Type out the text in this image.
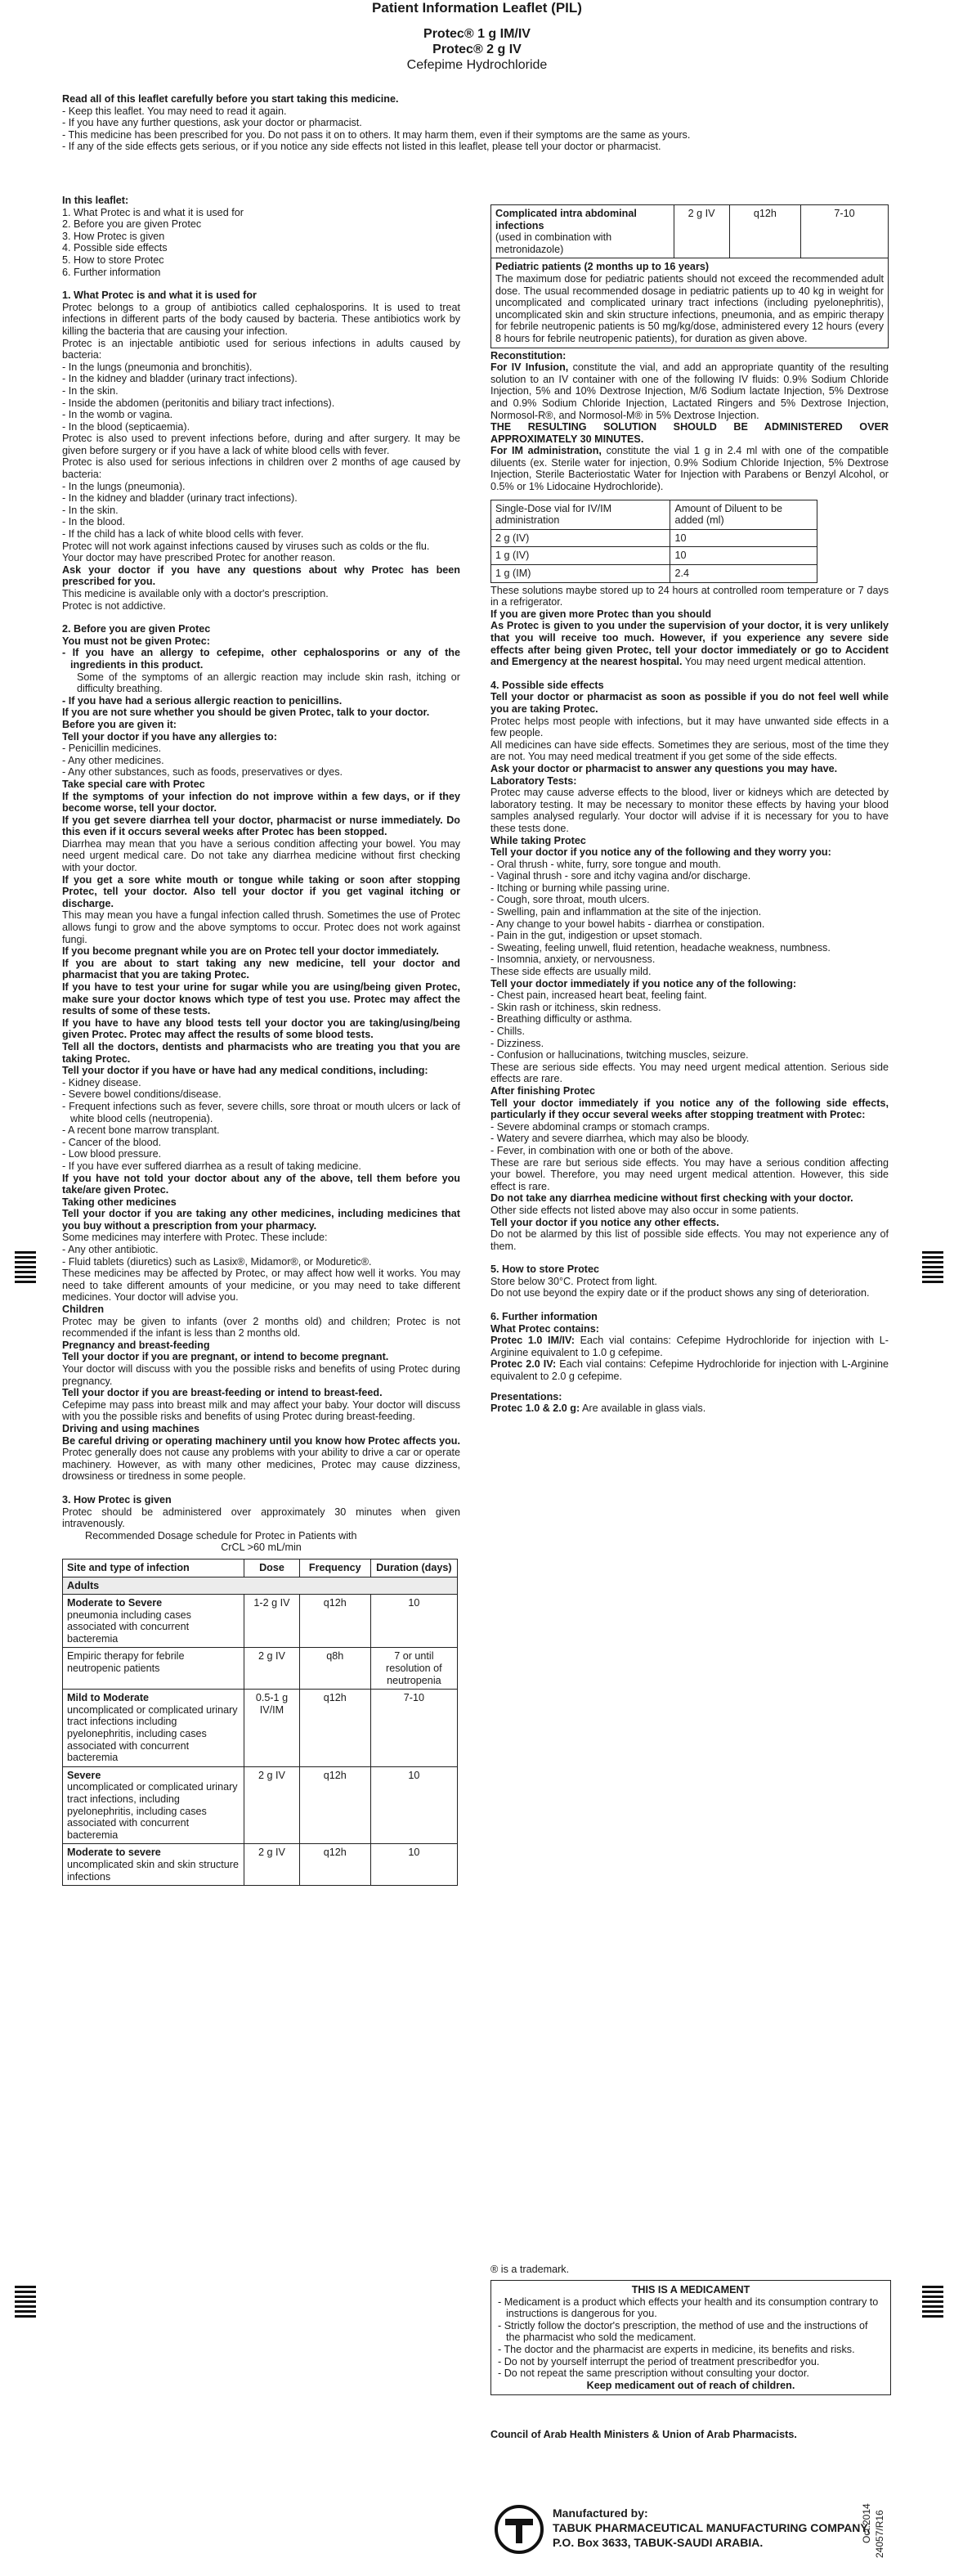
Patient Information Leaflet (PIL)
Protec® 1 g IM/IV
Protec® 2 g IV
Cefepime Hydrochloride

Read all of this leaflet carefully before you start taking this medicine.

- Keep this leaflet. You may need to read it again.

- If you have any further questions, ask your doctor or pharmacist.

- This medicine has been prescribed for you. Do not pass it on to others. It may harm them, even if their symptoms are the same as yours.

- If any of the side effects gets serious, or if you notice any side effects not listed in this leaflet, please tell your doctor or pharmacist.

In this leaflet:

1. What Protec is and what it is used for

2. Before you are given Protec

3. How Protec is given

4. Possible side effects

5. How to store Protec

6. Further information

1. What Protec is and what it is used for

Protec belongs to a group of antibiotics called cephalosporins. It is used to treat infections in different parts of the body caused by bacteria. These antibiotics work by killing the bacteria that are causing your infection.

Protec is an injectable antibiotic used for serious infections in adults caused by bacteria:

- In the lungs (pneumonia and bronchitis).

- In the kidney and bladder (urinary tract infections).

- In the skin.

- Inside the abdomen (peritonitis and biliary tract infections).

- In the womb or vagina.

- In the blood (septicaemia).

Protec is also used to prevent infections before, during and after surgery. It may be given before surgery or if you have a lack of white blood cells with fever.

Protec is also used for serious infections in children over 2 months of age caused by bacteria:

- In the lungs (pneumonia).

- In the kidney and bladder (urinary tract infections).

- In the skin.

- In the blood.

- If the child has a lack of white blood cells with fever.

Protec will not work against infections caused by viruses such as colds or the flu.

Your doctor may have prescribed Protec for another reason.

Ask your doctor if you have any questions about why Protec has been prescribed for you.

This medicine is available only with a doctor's prescription.

Protec is not addictive.

2. Before you are given Protec

You must not be given Protec:

- If you have an allergy to cefepime, other cephalosporins or any of the ingredients in this product.

Some of the symptoms of an allergic reaction may include skin rash, itching or difficulty breathing.

- If you have had a serious allergic reaction to penicillins.

If you are not sure whether you should be given Protec, talk to your doctor.

Before you are given it:

Tell your doctor if you have any allergies to:

- Penicillin medicines.

- Any other medicines.

- Any other substances, such as foods, preservatives or dyes.

Take special care with Protec

If the symptoms of your infection do not improve within a few days, or if they become worse, tell your doctor.

If you get severe diarrhea tell your doctor, pharmacist or nurse immediately. Do this even if it occurs several weeks after Protec has been stopped.

Diarrhea may mean that you have a serious condition affecting your bowel. You may need urgent medical care. Do not take any diarrhea medicine without first checking with your doctor.

If you get a sore white mouth or tongue while taking or soon after stopping Protec, tell your doctor. Also tell your doctor if you get vaginal itching or discharge.

This may mean you have a fungal infection called thrush. Sometimes the use of Protec allows fungi to grow and the above symptoms to occur. Protec does not work against fungi.

If you become pregnant while you are on Protec tell your doctor immediately.

If you are about to start taking any new medicine, tell your doctor and pharmacist that you are taking Protec.

If you have to test your urine for sugar while you are using/being given Protec, make sure your doctor knows which type of test you use. Protec may affect the results of some of these tests.

If you have to have any blood tests tell your doctor you are taking/using/being given Protec. Protec may affect the results of some blood tests.

Tell all the doctors, dentists and pharmacists who are treating you that you are taking Protec.

Tell your doctor if you have or have had any medical conditions, including:

- Kidney disease.

- Severe bowel conditions/disease.

- Frequent infections such as fever, severe chills, sore throat or mouth ulcers or lack of white blood cells (neutropenia).

- A recent bone marrow transplant.

- Cancer of the blood.

- Low blood pressure.

- If you have ever suffered diarrhea as a result of taking medicine.

If you have not told your doctor about any of the above, tell them before you take/are given Protec.

Taking other medicines

Tell your doctor if you are taking any other medicines, including medicines that you buy without a prescription from your pharmacy.

Some medicines may interfere with Protec. These include:

- Any other antibiotic.

- Fluid tablets (diuretics) such as Lasix®, Midamor®, or Moduretic®.

These medicines may be affected by Protec, or may affect how well it works. You may need to take different amounts of your medicine, or you may need to take different medicines. Your doctor will advise you.

Children

Protec may be given to infants (over 2 months old) and children; Protec is not recommended if the infant is less than 2 months old.

Pregnancy and breast-feeding

Tell your doctor if you are pregnant, or intend to become pregnant.

Your doctor will discuss with you the possible risks and benefits of using Protec during pregnancy.

Tell your doctor if you are breast-feeding or intend to breast-feed.

Cefepime may pass into breast milk and may affect your baby. Your doctor will discuss with you the possible risks and benefits of using Protec during breast-feeding.

Driving and using machines

Be careful driving or operating machinery until you know how Protec affects you. Protec generally does not cause any problems with your ability to drive a car or operate machinery. However, as with many other medicines, Protec may cause dizziness, drowsiness or tiredness in some people.

3. How Protec is given

Protec should be administered over approximately 30 minutes when given intravenously.

Recommended Dosage schedule for Protec in Patients with

CrCL >60 mL/min

Site and type of infection	Dose	Frequency	Duration (days)
Adults			
Moderate to Severe
pneumonia including cases associated with concurrent bacteremia	1-2 g IV	q12h	10
Empiric therapy for febrile neutropenic patients	2 g IV	q8h	7 or until resolution of neutropenia
Mild to Moderate
uncomplicated or complicated urinary tract infections including pyelonephritis, including cases associated with concurrent bacteremia	0.5-1 g IV/IM	q12h	7-10
Severe
uncomplicated or complicated urinary tract infections, including pyelonephritis, including cases associated with concurrent bacteremia	2 g IV	q12h	10
Moderate to severe
uncomplicated skin and skin structure infections	2 g IV	q12h	10
Complicated intra abdominal infections
(used in combination with metronidazole)	2 g IV	q12h	7-10

Pediatric patients (2 months up to 16 years)

The maximum dose for pediatric patients should not exceed the recommended adult dose. The usual recommended dosage in pediatric patients up to 40 kg in weight for uncomplicated and complicated urinary tract infections (including pyelonephritis), uncomplicated skin and skin structure infections, pneumonia, and as empiric therapy for febrile neutropenic patients is 50 mg/kg/dose, administered every 12 hours (every 8 hours for febrile neutropenic patients), for duration as given above.

Reconstitution:

For IV Infusion, constitute the vial, and add an appropriate quantity of the resulting solution to an IV container with one of the following IV fluids: 0.9% Sodium Chloride Injection, 5% and 10% Dextrose Injection, M/6 Sodium lactate Injection, 5% Dextrose and 0.9% Sodium Chloride Injection, Lactated Ringers and 5% Dextrose Injection, Normosol-R®, and Normosol-M® in 5% Dextrose Injection.

THE RESULTING SOLUTION SHOULD BE ADMINISTERED OVER APPROXIMATELY 30 MINUTES.

For IM administration, constitute the vial 1 g in 2.4 ml with one of the compatible diluents (ex. Sterile water for injection, 0.9% Sodium Chloride Injection, 5% Dextrose Injection, Sterile Bacteriostatic Water for Injection with Parabens or Benzyl Alcohol, or 0.5% or 1% Lidocaine Hydrochloride).

Single-Dose vial for IV/IM administration	Amount of Diluent to be added (ml)
2 g (IV)	10
1 g (IV)	10
1 g (IM)	2.4

These solutions maybe stored up to 24 hours at controlled room temperature or 7 days in a refrigerator.

If you are given more Protec than you should

As Protec is given to you under the supervision of your doctor, it is very unlikely that you will receive too much. However, if you experience any severe side effects after being given Protec, tell your doctor immediately or go to Accident and Emergency at the nearest hospital. You may need urgent medical attention.

4. Possible side effects

Tell your doctor or pharmacist as soon as possible if you do not feel well while you are taking Protec.

Protec helps most people with infections, but it may have unwanted side effects in a few people.

All medicines can have side effects. Sometimes they are serious, most of the time they are not. You may need medical treatment if you get some of the side effects.

Ask your doctor or pharmacist to answer any questions you may have.

Laboratory Tests:

Protec may cause adverse effects to the blood, liver or kidneys which are detected by laboratory testing. It may be necessary to monitor these effects by having your blood samples analysed regularly. Your doctor will advise if it is necessary for you to have these tests done.

While taking Protec

Tell your doctor if you notice any of the following and they worry you:

- Oral thrush - white, furry, sore tongue and mouth.

- Vaginal thrush - sore and itchy vagina and/or discharge.

- Itching or burning while passing urine.

- Cough, sore throat, mouth ulcers.

- Swelling, pain and inflammation at the site of the injection.

- Any change to your bowel habits - diarrhea or constipation.

- Pain in the gut, indigestion or upset stomach.

- Sweating, feeling unwell, fluid retention, headache weakness, numbness.

- Insomnia, anxiety, or nervousness.

These side effects are usually mild.

Tell your doctor immediately if you notice any of the following:

- Chest pain, increased heart beat, feeling faint.

- Skin rash or itchiness, skin redness.

- Breathing difficulty or asthma.

- Chills.

- Dizziness.

- Confusion or hallucinations, twitching muscles, seizure.

These are serious side effects. You may need urgent medical attention. Serious side effects are rare.

After finishing Protec

Tell your doctor immediately if you notice any of the following side effects, particularly if they occur several weeks after stopping treatment with Protec:

- Severe abdominal cramps or stomach cramps.

- Watery and severe diarrhea, which may also be bloody.

- Fever, in combination with one or both of the above.

These are rare but serious side effects. You may have a serious condition affecting your bowel. Therefore, you may need urgent medical attention. However, this side effect is rare.

Do not take any diarrhea medicine without first checking with your doctor.

Other side effects not listed above may also occur in some patients.

Tell your doctor if you notice any other effects.

Do not be alarmed by this list of possible side effects. You may not experience any of them.

5. How to store Protec

Store below 30°C. Protect from light.

Do not use beyond the expiry date or if the product shows any sing of deterioration.

6. Further information

What Protec contains:

Protec 1.0 IM/IV: Each vial contains: Cefepime Hydrochloride for injection with L-Arginine equivalent to 1.0 g cefepime.

Protec 2.0 IV: Each vial contains: Cefepime Hydrochloride for injection with L-Arginine equivalent to 2.0 g cefepime.

Presentations:

Protec 1.0 & 2.0 g: Are available in glass vials.

® is a trademark.

THIS IS A MEDICAMENT

- Medicament is a product which effects your health and its consumption contrary to instructions is dangerous for you.

- Strictly follow the doctor's prescription, the method of use and the instructions of the pharmacist who sold the medicament.

- The doctor and the pharmacist are experts in medicine, its benefits and risks.

- Do not by yourself interrupt the period of treatment prescribedfor you.

- Do not repeat the same prescription without consulting your doctor.

Keep medicament out of reach of children.

Council of Arab Health Ministers & Union of Arab Pharmacists.
Oct.2014 24057/R16
Manufactured by:
TABUK PHARMACEUTICAL MANUFACTURING COMPANY,
P.O. Box 3633, TABUK-SAUDI ARABIA.
